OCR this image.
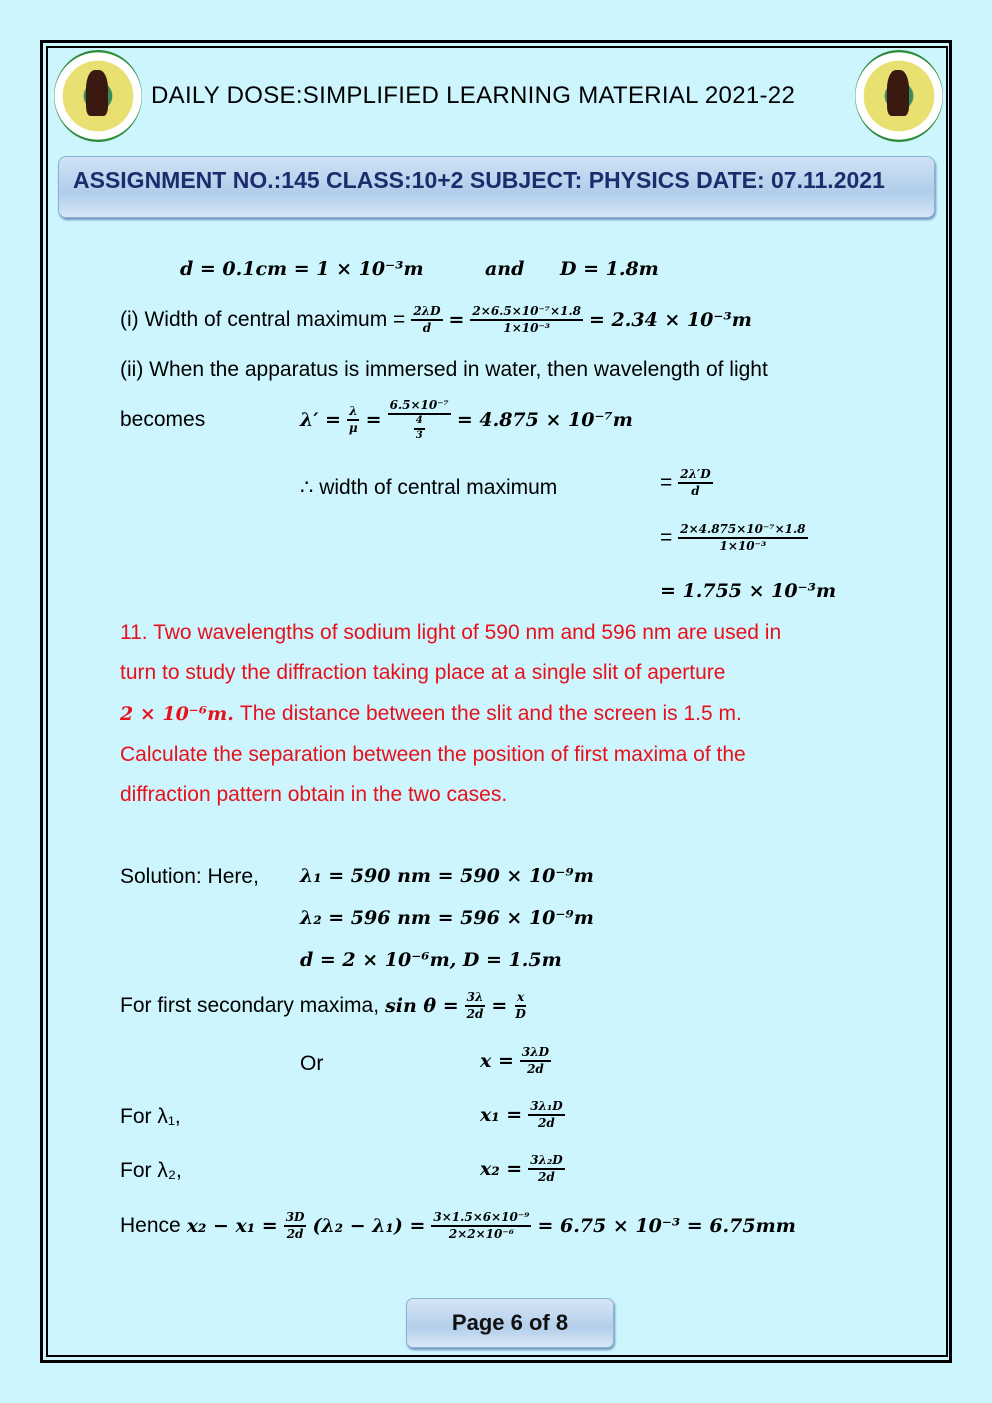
DAILY DOSE:SIMPLIFIED LEARNING MATERIAL 2021-22
ASSIGNMENT NO.:145 CLASS:10+2 SUBJECT: PHYSICS DATE: 07.11.2021
d = 0.1cm = 1 × 10⁻³m	and D = 1.8m
(i) Width of central maximum = $\frac{2\lambda D}{d} = \frac{\text{2×6.5×10⁻⁷×1.8}}{\text{1×10⁻³}} = 2.34 \times 10^{-3}m$
(ii) When the apparatus is immersed in water, then wavelength of light
becomes	$\lambda' = \frac{\lambda}{\mu} = \frac{\text{6.5×10⁻⁷}}{\frac{4}{3}} = 4.875 \times 10^{-7}m$
∴ width of central maximum	= $\frac{2\lambda'D}{d}$
= $\frac{\text{2×4.875×10⁻⁷×1.8}}{\text{1×10⁻³}}$
= 1.755 × 10⁻³m
11. Two wavelengths of sodium light of 590 nm and 596 nm are used in
turn to study the diffraction taking place at a single slit of aperture
2 × 10⁻⁶m. The distance between the slit and the screen is 1.5 m.
Calculate the separation between the position of first maxima of the
diffraction pattern obtain in the two cases.
Solution: Here, λ₁ = 590 nm = 590 × 10⁻⁹m
λ₂ = 596 nm = 596 × 10⁻⁹m
d = 2 × 10⁻⁶m, D = 1.5m
For first secondary maxima, $\sin \theta = \frac{3\lambda}{2d} = \frac{x}{D}$
Or	$x = \frac{3\lambda D}{2d}$
For λ₁,	$x_1 = \frac{\text{3λ₁D}}{2d}$
For λ₂,	$x_2 = \frac{\text{3λ₂D}}{2d}$
Hence $x_2 - x_1 = \frac{3D}{2d} (\lambda_2 - \lambda_1) = \frac{\text{3×1.5×6×10⁻⁹}}{\text{2×2×10⁻⁶}} = 6.75 \times 10^{-3} = 6.75mm$
Page 6 of 8
